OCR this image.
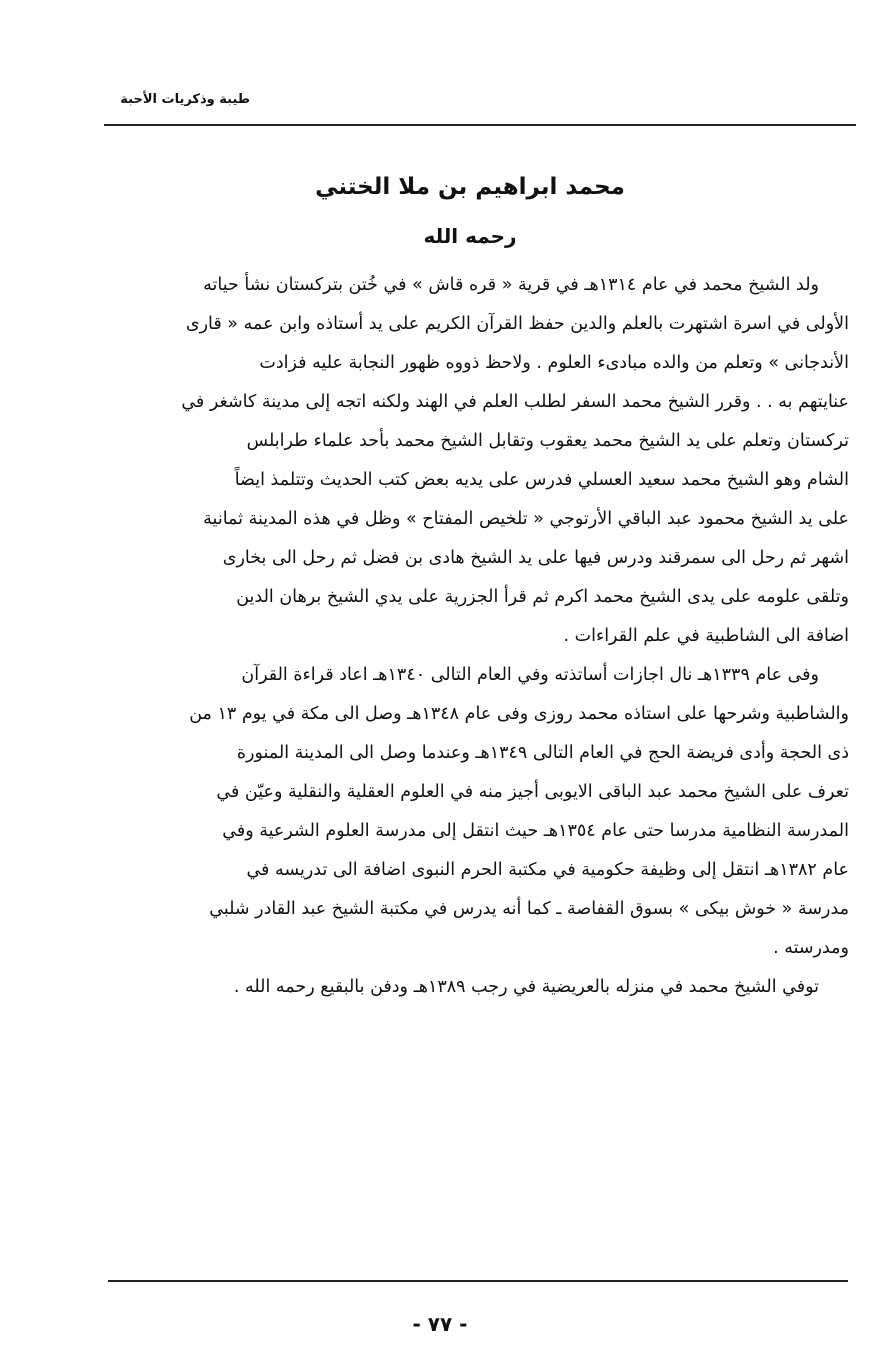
طيبة وذكريات الأحبة
محمد ابراهيم بن ملا الختني
رحمه الله
ولد الشيخ محمد في عام ١٣١٤هـ في قرية « قره قاش » في خُتن بتركستان نشأ حياته
الأولى في اسرة اشتهرت بالعلم والدين حفظ القرآن الكريم على يد أستاذه وابن عمه « قارى
الأندجانى » وتعلم من والده مبادىء العلوم . ولاحظ ذووه ظهور النجابة عليه فزادت
عنايتهم به . . وقرر الشيخ محمد السفر لطلب العلم في الهند ولكنه اتجه إلى مدينة كاشغر في
تركستان وتعلم على يد الشيخ محمد يعقوب وتقابل الشيخ محمد بأحد علماء طرابلس
الشام وهو الشيخ محمد سعيد العسلي فدرس على يديه بعض كتب الحديث وتتلمذ ايضاً
على يد الشيخ محمود عبد الباقي الأرتوجي « تلخيص المفتاح » وظل في هذه المدينة ثمانية
اشهر ثم رحل الى سمرقند ودرس فيها على يد الشيخ هادى بن فضل ثم رحل الى بخارى
وتلقى علومه على يدى الشيخ محمد اكرم ثم قرأ الجزرية على يدي الشيخ برهان الدين
اضافة الى الشاطبية في علم القراءات .
وفى عام ١٣٣٩هـ نال اجازات أساتذته وفي العام التالى ١٣٤٠هـ اعاد قراءة القرآن
والشاطبية وشرحها على استاذه محمد روزى وفى عام ١٣٤٨هـ وصل الى مكة في يوم ١٣ من
ذى الحجة وأدى فريضة الحج في العام التالى ١٣٤٩هـ وعندما وصل الى المدينة المنورة
تعرف على الشيخ محمد عبد الباقى الايوبى أجيز منه في العلوم العقلية والنقلية وعيّن في
المدرسة النظامية مدرسا حتى عام ١٣٥٤هـ حيث انتقل إلى مدرسة العلوم الشرعية وفي
عام ١٣٨٢هـ انتقل إلى وظيفة حكومية في مكتبة الحرم النبوى اضافة الى تدريسه في
مدرسة « خوش بيكى » بسوق القفاصة ـ كما أنه يدرس في مكتبة الشيخ عبد القادر شلبي
ومدرسته .
توفي الشيخ محمد في منزله بالعريضية في رجب ١٣٨٩هـ ودفن بالبقيع رحمه الله .
- ٧٧ -
